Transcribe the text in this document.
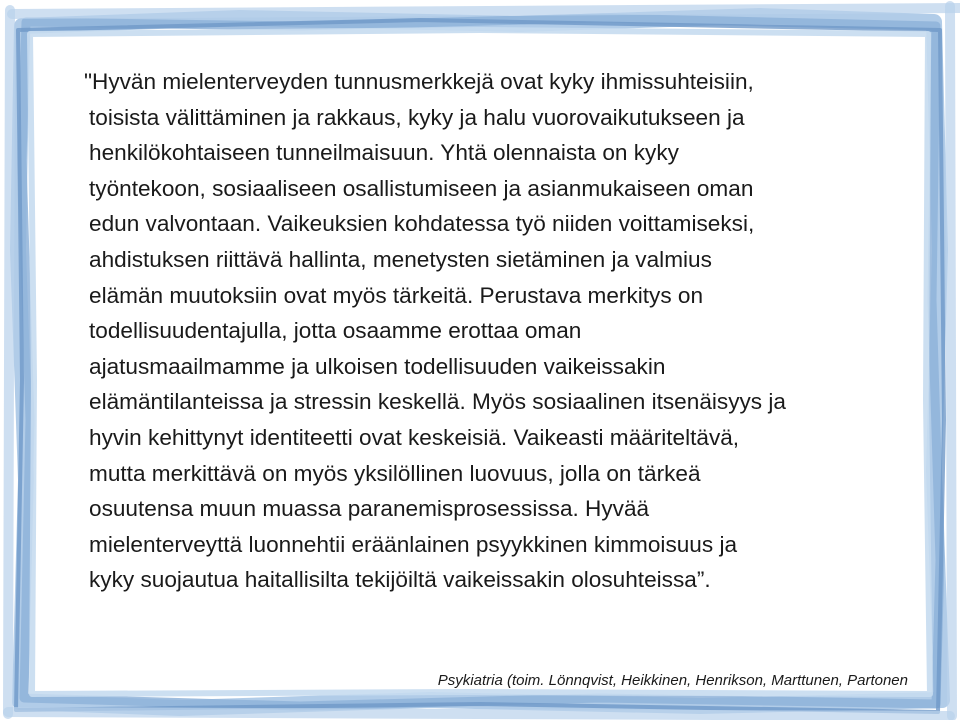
"Hyvän mielenterveyden tunnusmerkkejä ovat kyky ihmissuhteisiin,
toisista välittäminen ja rakkaus, kyky ja halu vuorovaikutukseen ja
henkilökohtaiseen tunneilmaisuun. Yhtä olennaista on kyky
työntekoon, sosiaaliseen osallistumiseen ja asianmukaiseen oman
edun valvontaan. Vaikeuksien kohdatessa työ niiden voittamiseksi,
ahdistuksen riittävä hallinta, menetysten sietäminen ja valmius
elämän muutoksiin ovat myös tärkeitä. Perustava merkitys on
todellisuudentajulla, jotta osaamme erottaa oman
ajatusmaailmamme ja ulkoisen todellisuuden vaikeissakin
elämäntilanteissa ja stressin keskellä. Myös sosiaalinen itsenäisyys ja
hyvin kehittynyt identiteetti ovat keskeisiä. Vaikeasti määriteltävä,
mutta merkittävä on myös yksilöllinen luovuus, jolla on tärkeä
osuutensa muun muassa paranemisprosessissa. Hyvää
mielenterveyttä luonnehtii eräänlainen psyykkinen kimmoisuus ja
kyky suojautua haitallisilta tekijöiltä vaikeissakin olosuhteissa”.
Psykiatria (toim. Lönnqvist, Heikkinen, Henrikson, Marttunen, Partonen
